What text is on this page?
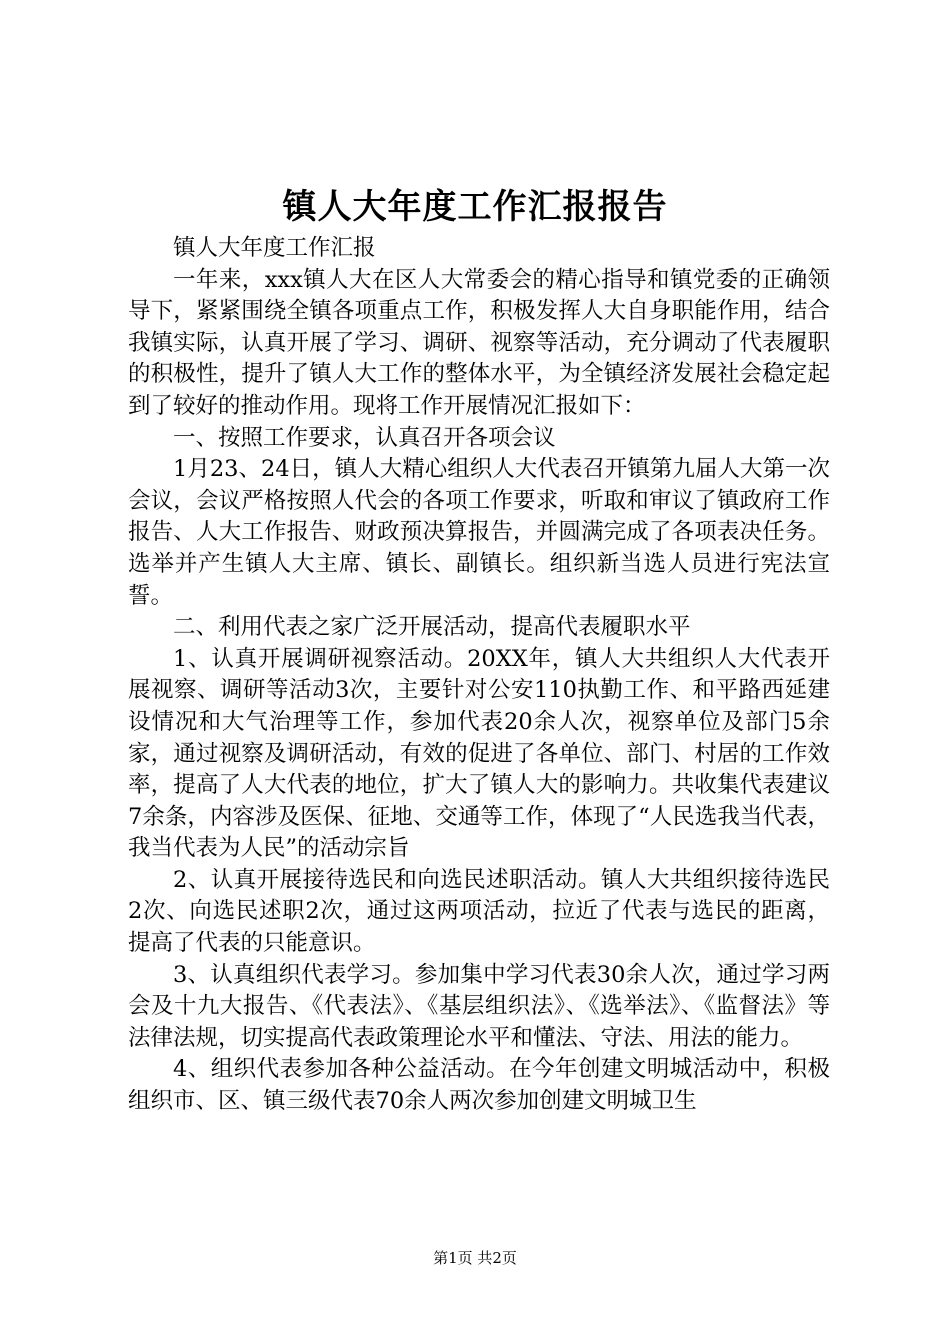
镇人大年度工作汇报报告

镇人大年度工作汇报

一年来，xxx镇人大在区人大常委会的精心指导和镇党委的正确领导下，紧紧围绕全镇各项重点工作，积极发挥人大自身职能作用，结合我镇实际，认真开展了学习、调研、视察等活动，充分调动了代表履职的积极性，提升了镇人大工作的整体水平，为全镇经济发展社会稳定起到了较好的推动作用。现将工作开展情况汇报如下：

一、按照工作要求，认真召开各项会议

1月23、24日，镇人大精心组织人大代表召开镇第九届人大第一次会议，会议严格按照人代会的各项工作要求，听取和审议了镇政府工作报告、人大工作报告、财政预决算报告，并圆满完成了各项表决任务。选举并产生镇人大主席、镇长、副镇长。组织新当选人员进行宪法宣誓。

二、利用代表之家广泛开展活动，提高代表履职水平

1、认真开展调研视察活动。20XX年，镇人大共组织人大代表开展视察、调研等活动3次，主要针对公安110执勤工作、和平路西延建设情况和大气治理等工作，参加代表20余人次，视察单位及部门5余家，通过视察及调研活动，有效的促进了各单位、部门、村居的工作效率，提高了人大代表的地位，扩大了镇人大的影响力。共收集代表建议7余条，内容涉及医保、征地、交通等工作，体现了“人民选我当代表，我当代表为人民”的活动宗旨

2、认真开展接待选民和向选民述职活动。镇人大共组织接待选民2次、向选民述职2次，通过这两项活动，拉近了代表与选民的距离，提高了代表的只能意识。

3、认真组织代表学习。参加集中学习代表30余人次，通过学习两会及十九大报告、《代表法》、《基层组织法》、《选举法》、《监督法》等法律法规，切实提高代表政策理论水平和懂法、守法、用法的能力。

4、组织代表参加各种公益活动。在今年创建文明城活动中，积极组织市、区、镇三级代表70余人两次参加创建文明城卫生

第1页 共2页
